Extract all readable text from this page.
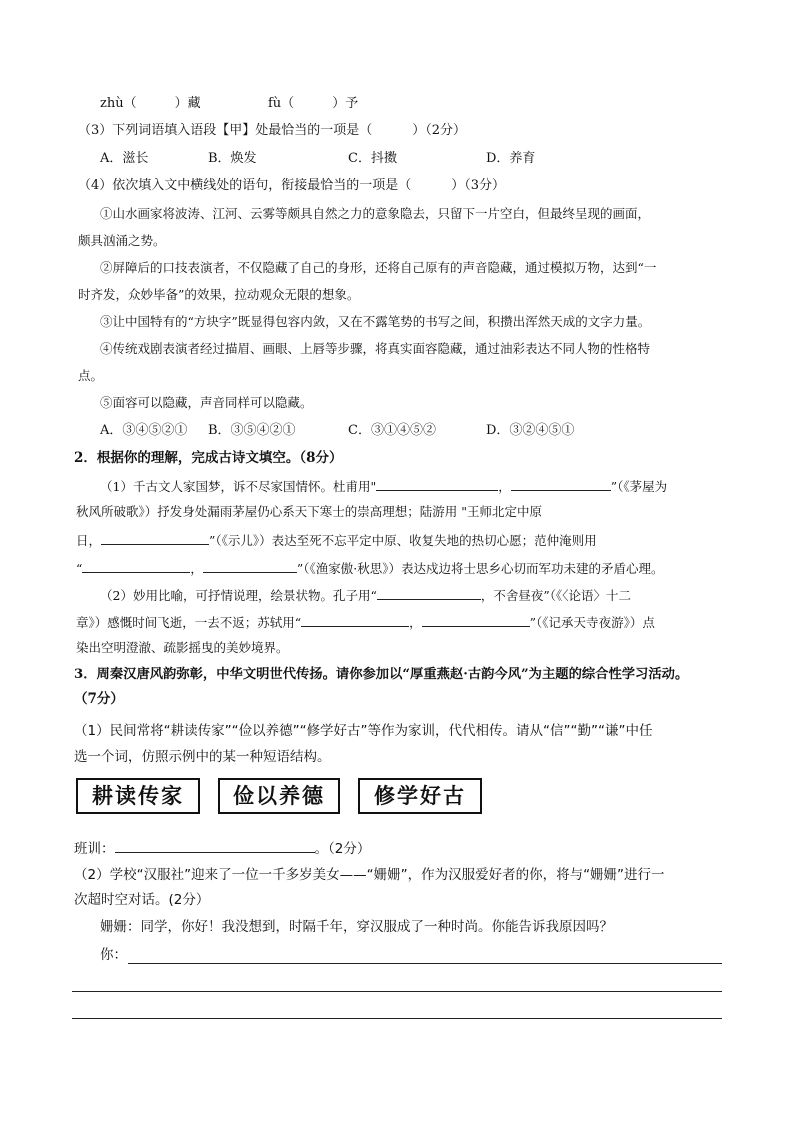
zhù（	）藏	fù（	）予
（3）下列词语填入语段【甲】处最恰当的一项是（	）（2分）
A．滋长	B．焕发	C．抖擞	D．养育
（4）依次填入文中横线处的语句，衔接最恰当的一项是（	）（3分）
①山水画家将波涛、江河、云雾等颇具自然之力的意象隐去，只留下一片空白，但最终呈现的画面，
颇具汹涌之势。
②屏障后的口技表演者，不仅隐藏了自己的身形，还将自己原有的声音隐藏，通过模拟万物，达到“一
时齐发，众妙毕备”的效果，拉动观众无限的想象。
③让中国特有的“方块字”既显得包容内敛，又在不露笔势的书写之间，积攒出浑然天成的文字力量。
④传统戏剧表演者经过描眉、画眼、上唇等步骤，将真实面容隐藏，通过油彩表达不同人物的性格特
点。
⑤面容可以隐藏，声音同样可以隐藏。
A．③④⑤②① B．③⑤④②①	C．③①④⑤②	D．③②④⑤①
2．根据你的理解，完成古诗文填空。（8分）
（1）千古文人家国梦，诉不尽家国情怀。杜甫用"	，	”（《茅屋为
秋风所破歌》）抒发身处漏雨茅屋仍心系天下寒士的崇高理想；陆游用 "王师北定中原
日，	”（《示儿》）表达至死不忘平定中原、收复失地的热切心愿；范仲淹则用
“	，	”（《渔家傲·秋思》）表达戍边将士思乡心切而军功未建的矛盾心理。
（2）妙用比喻，可抒情说理，绘景状物。孔子用“	，不舍昼夜”（《〈论语〉十二
章》）感慨时间飞逝，一去不返；苏轼用“	，	”（《记承天寺夜游》）点
染出空明澄澈、疏影摇曳的美妙境界。
3．周秦汉唐风韵弥彰，中华文明世代传扬。请你参加以“厚重燕赵·古韵今风”为主题的综合性学习活动。
（7分）
（1）民间常将“耕读传家”“俭以养德”“修学好古”等作为家训，代代相传。请从“信”“勤”“谦”中任
选一个词，仿照示例中的某一种短语结构。
耕读传家	俭以养德	修学好古
班训：	。（2分）
（2）学校“汉服社”迎来了一位一千多岁美女——“姗姗”，作为汉服爱好者的你，将与“姗姗”进行一
次超时空对话。(2分）
姗姗：同学，你好！我没想到，时隔千年，穿汉服成了一种时尚。你能告诉我原因吗？
你：
